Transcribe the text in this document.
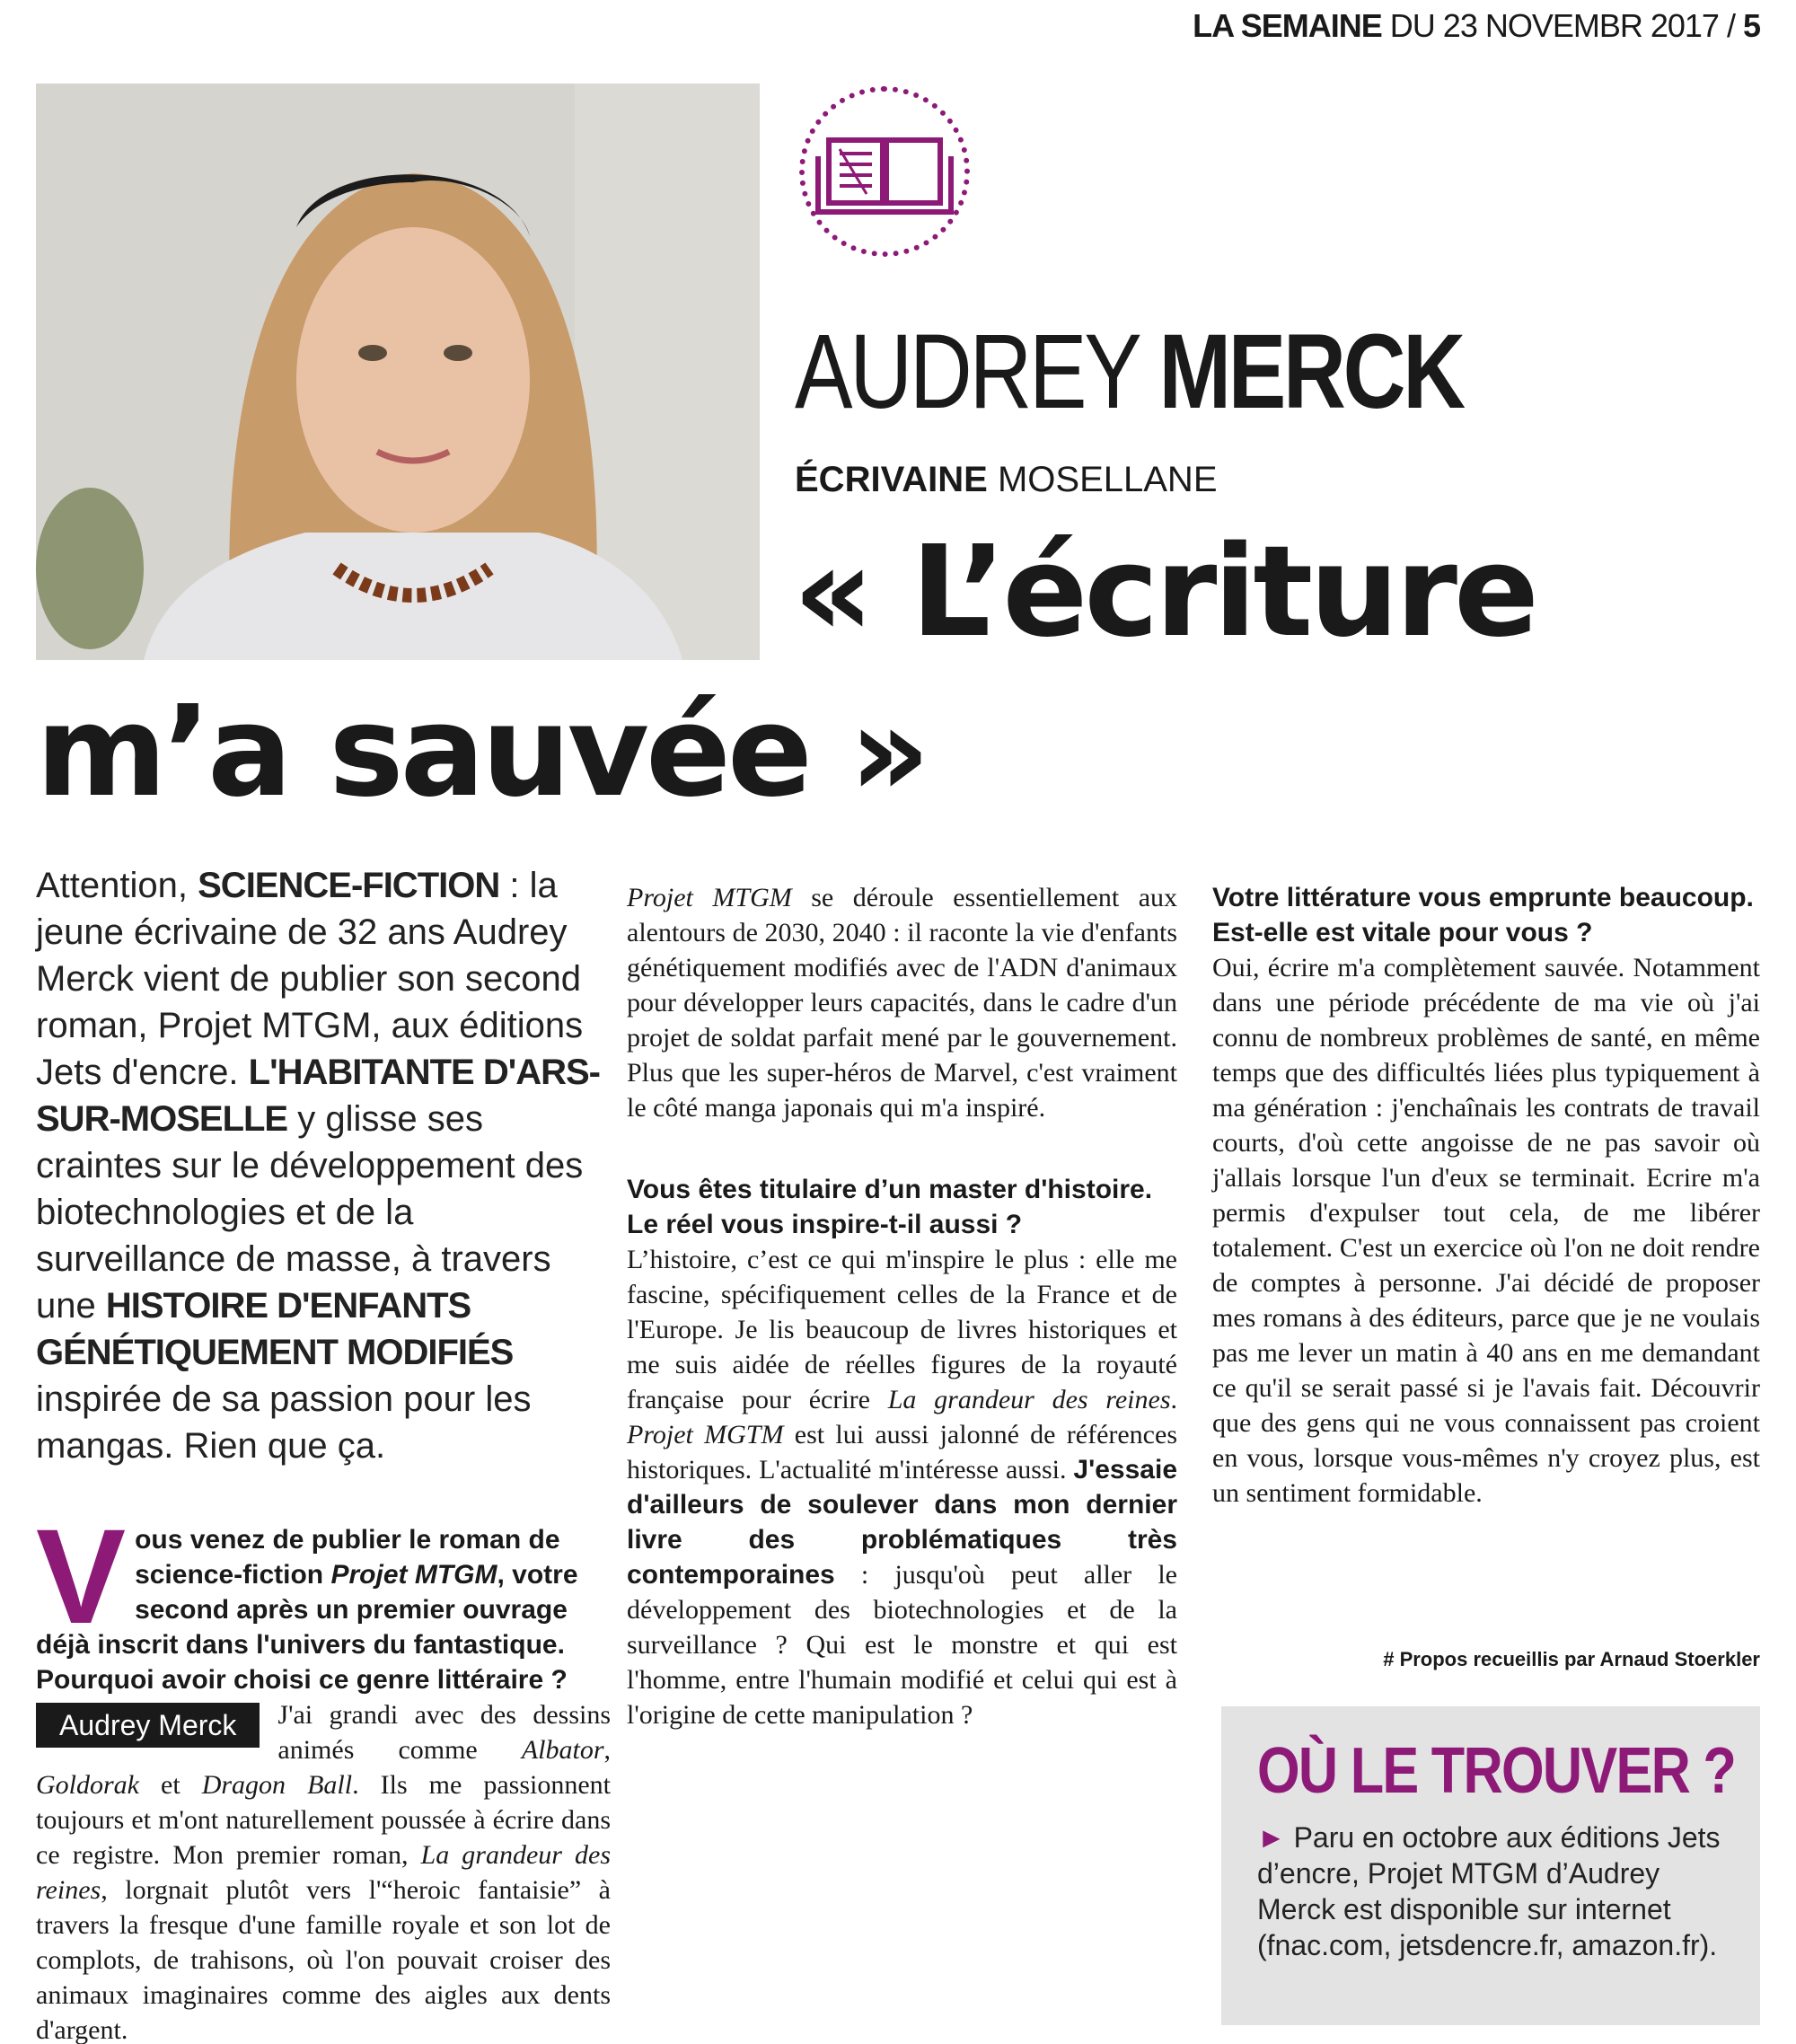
LA SEMAINE DU 23 NOVEMBR 2017 / 5
AUDREY MERCK
ÉCRIVAINE MOSELLANE
« L’écriture
m’a sauvée »
Attention, SCIENCE-FICTION : la jeune écrivaine de 32 ans Audrey Merck vient de publier son second roman, Projet MTGM, aux éditions Jets d'encre. L'HABITANTE D'ARS-SUR-MOSELLE y glisse ses craintes sur le développement des biotechnologies et de la surveillance de masse, à travers une HISTOIRE D'ENFANTS GÉNÉTIQUEMENT MODIFIÉS inspirée de sa passion pour les mangas. Rien que ça.
Vous venez de publier le roman de science-fiction Projet MTGM, votre second après un premier ouvrage déjà inscrit dans l'univers du fantastique. Pourquoi avoir choisi ce genre littéraire ?
Audrey Merck	J'ai grandi avec des dessins animés comme Albator, Goldorak et Dragon Ball. Ils me passionnent toujours et m'ont naturellement poussée à écrire dans ce registre. Mon premier roman, La grandeur des reines, lorgnait plutôt vers l'“heroic fantaisie” à travers la fresque d'une famille royale et son lot de complots, de trahisons, où l'on pouvait croiser des animaux imaginaires comme des aigles aux dents d'argent.
Projet MTGM se déroule essentiellement aux alentours de 2030, 2040 : il raconte la vie d'enfants génétiquement modifiés avec de l'ADN d'animaux pour développer leurs capacités, dans le cadre d'un projet de soldat parfait mené par le gouvernement. Plus que les super-héros de Marvel, c'est vraiment le côté manga japonais qui m'a inspiré.
Vous êtes titulaire d’un master d'histoire. Le réel vous inspire-t-il aussi ?
L’histoire, c’est ce qui m'inspire le plus : elle me fascine, spécifiquement celles de la France et de l'Europe. Je lis beaucoup de livres historiques et me suis aidée de réelles figures de la royauté française pour écrire La grandeur des reines. Projet MGTM est lui aussi jalonné de références historiques. L'actualité m'intéresse aussi. J'essaie d'ailleurs de soulever dans mon dernier livre des problématiques très contemporaines : jusqu'où peut aller le développement des biotechnologies et de la surveillance ? Qui est le monstre et qui est l'homme, entre l'humain modifié et celui qui est à l'origine de cette manipulation ?
Votre littérature vous emprunte beaucoup. Est-elle est vitale pour vous ?
Oui, écrire m'a complètement sauvée. Notamment dans une période précédente de ma vie où j'ai connu de nombreux problèmes de santé, en même temps que des difficultés liées plus typiquement à ma génération : j'enchaînais les contrats de travail courts, d'où cette angoisse de ne pas savoir où j'allais lorsque l'un d'eux se terminait. Ecrire m'a permis d'expulser tout cela, de me libérer totalement. C'est un exercice où l'on ne doit rendre de comptes à personne. J'ai décidé de proposer mes romans à des éditeurs, parce que je ne voulais pas me lever un matin à 40 ans en me demandant ce qu'il se serait passé si je l'avais fait. Découvrir que des gens qui ne vous connaissent pas croient en vous, lorsque vous-mêmes n'y croyez plus, est un sentiment formidable.
# Propos recueillis par Arnaud Stoerkler
OÙ LE TROUVER ?
► Paru en octobre aux éditions Jets d’encre, Projet MTGM d’Audrey Merck est disponible sur internet (fnac.com, jetsdencre.fr, amazon.fr).
